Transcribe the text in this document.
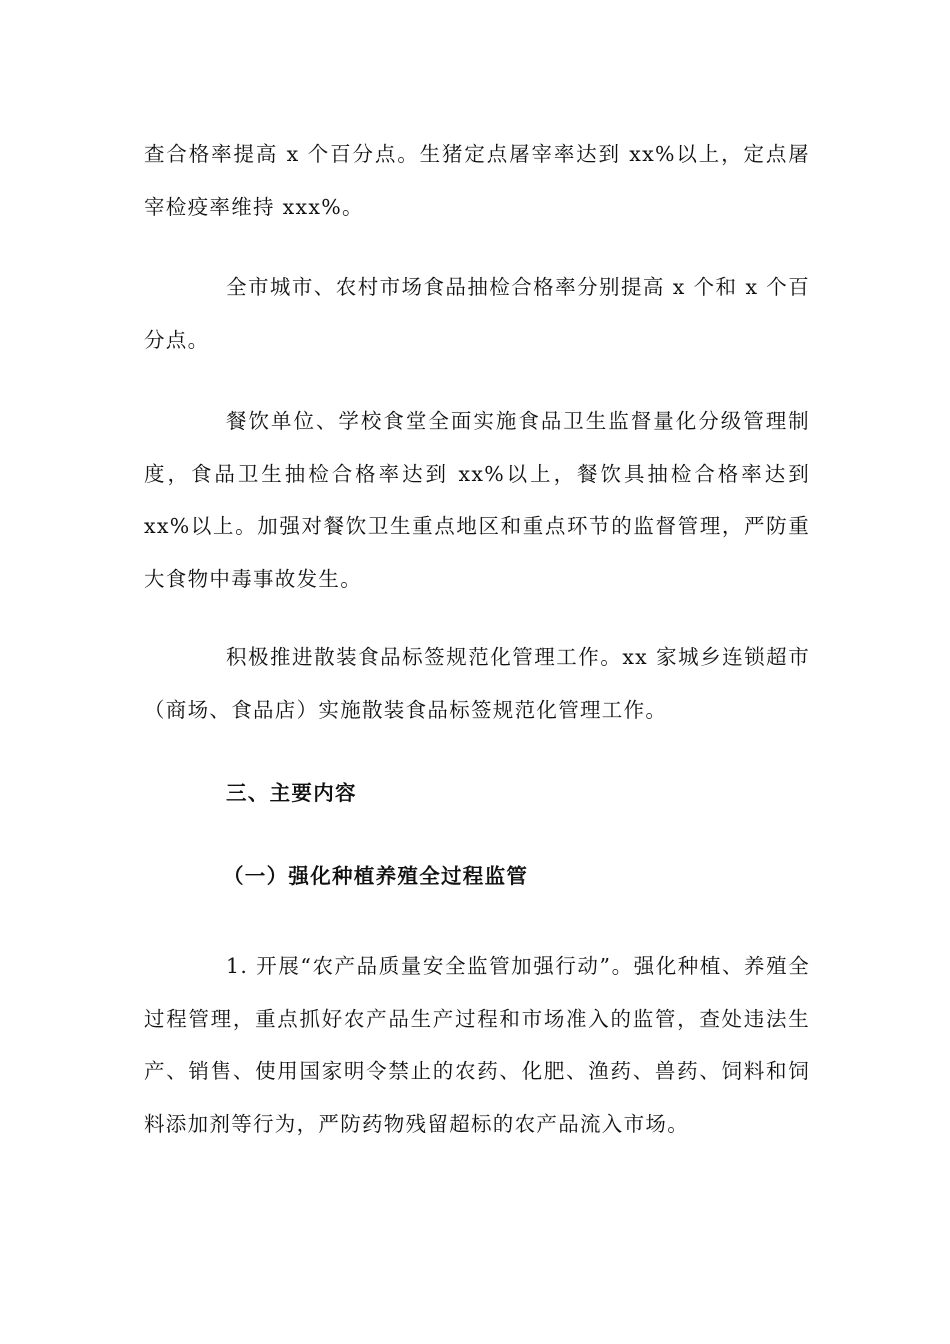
查合格率提高 x 个百分点。生猪定点屠宰率达到 xx%以上，定点屠宰检疫率维持 xxx%。

全市城市、农村市场食品抽检合格率分别提高 x 个和 x 个百分点。

餐饮单位、学校食堂全面实施食品卫生监督量化分级管理制度，食品卫生抽检合格率达到 xx%以上，餐饮具抽检合格率达到 xx%以上。加强对餐饮卫生重点地区和重点环节的监督管理，严防重大食物中毒事故发生。

积极推进散装食品标签规范化管理工作。xx 家城乡连锁超市（商场、食品店）实施散装食品标签规范化管理工作。

三、主要内容
（一）强化种植养殖全过程监管

1. 开展“农产品质量安全监管加强行动”。强化种植、养殖全过程管理，重点抓好农产品生产过程和市场准入的监管，查处违法生产、销售、使用国家明令禁止的农药、化肥、渔药、兽药、饲料和饲料添加剂等行为，严防药物残留超标的农产品流入市场。
